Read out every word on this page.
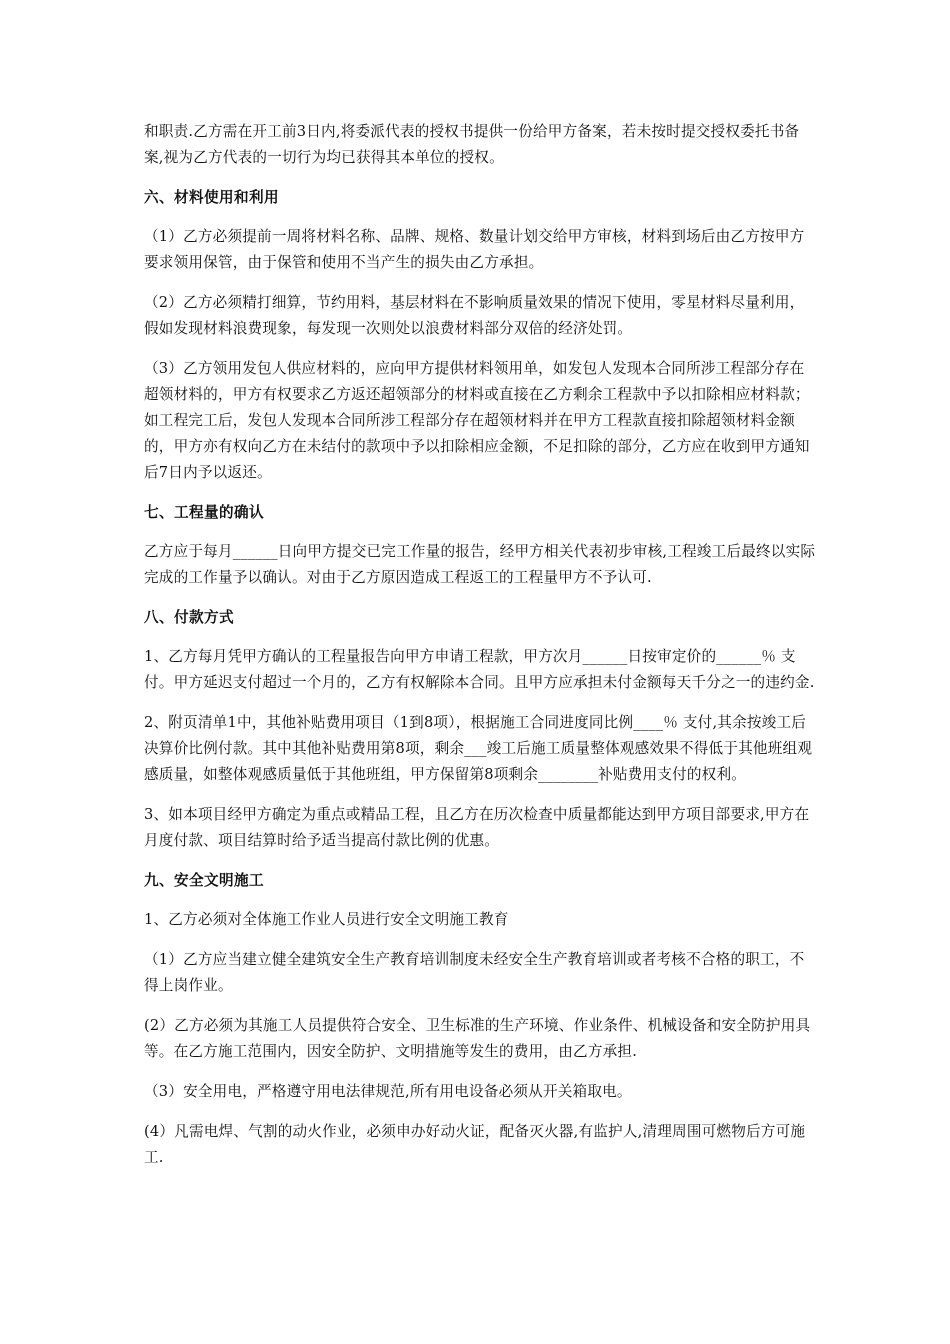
和职责.乙方需在开工前3日内,将委派代表的授权书提供一份给甲方备案，若未按时提交授权委托书备案,视为乙方代表的一切行为均已获得其本单位的授权。

六、材料使用和利用

（1）乙方必须提前一周将材料名称、品牌、规格、数量计划交给甲方审核，材料到场后由乙方按甲方要求领用保管，由于保管和使用不当产生的损失由乙方承担。

（2）乙方必须精打细算，节约用料，基层材料在不影响质量效果的情况下使用，零星材料尽量利用，假如发现材料浪费现象，每发现一次则处以浪费材料部分双倍的经济处罚。

（3）乙方领用发包人供应材料的，应向甲方提供材料领用单，如发包人发现本合同所涉工程部分存在超领材料的，甲方有权要求乙方返还超领部分的材料或直接在乙方剩余工程款中予以扣除相应材料款；如工程完工后，发包人发现本合同所涉工程部分存在超领材料并在甲方工程款直接扣除超领材料金额的，甲方亦有权向乙方在未结付的款项中予以扣除相应金额，不足扣除的部分，乙方应在收到甲方通知后7日内予以返还。

七、工程量的确认

乙方应于每月______日向甲方提交已完工作量的报告，经甲方相关代表初步审核,工程竣工后最终以实际完成的工作量予以确认。对由于乙方原因造成工程返工的工程量甲方不予认可.

八、付款方式

1、乙方每月凭甲方确认的工程量报告向甲方申请工程款，甲方次月______日按审定价的______％ 支付。甲方延迟支付超过一个月的，乙方有权解除本合同。且甲方应承担未付金额每天千分之一的违约金.

2、附页清单1中，其他补贴费用项目（1到8项），根据施工合同进度同比例____％ 支付,其余按竣工后决算价比例付款。其中其他补贴费用第8项，剩余___竣工后施工质量整体观感效果不得低于其他班组观感质量，如整体观感质量低于其他班组，甲方保留第8项剩余________补贴费用支付的权利。

3、如本项目经甲方确定为重点或精品工程，且乙方在历次检查中质量都能达到甲方项目部要求,甲方在月度付款、项目结算时给予适当提高付款比例的优惠。

九、安全文明施工

1、乙方必须对全体施工作业人员进行安全文明施工教育

（1）乙方应当建立健全建筑安全生产教育培训制度未经安全生产教育培训或者考核不合格的职工，不得上岗作业。

(2）乙方必须为其施工人员提供符合安全、卫生标准的生产环境、作业条件、机械设备和安全防护用具等。在乙方施工范围内，因安全防护、文明措施等发生的费用，由乙方承担.

（3）安全用电，严格遵守用电法律规范,所有用电设备必须从开关箱取电。

(4）凡需电焊、气割的动火作业，必须申办好动火证，配备灭火器,有监护人,清理周围可燃物后方可施工.
